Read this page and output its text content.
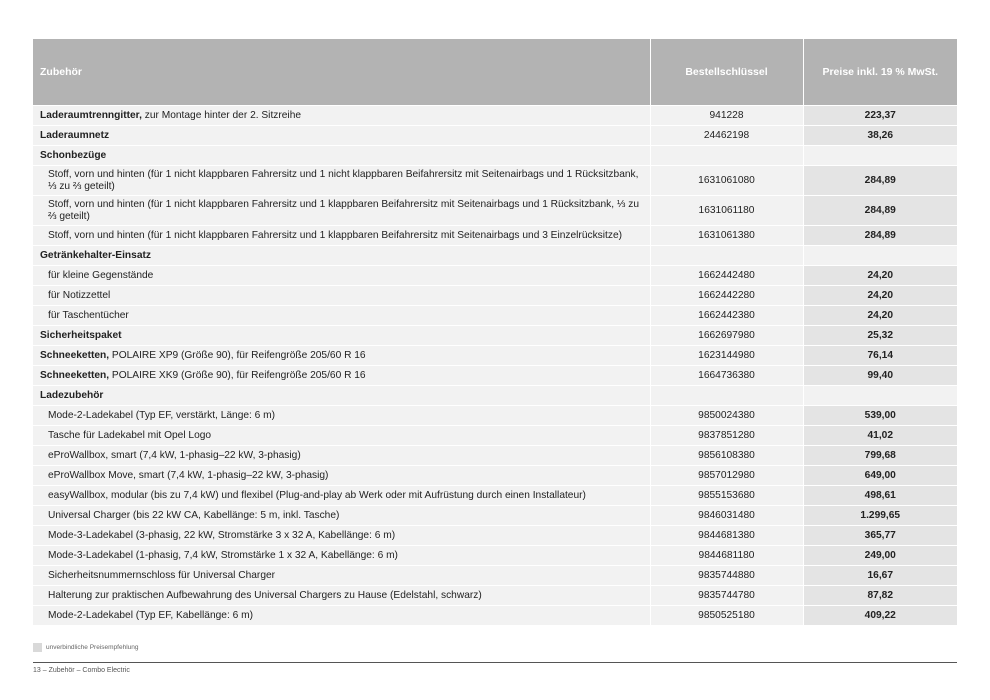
Zubehör	Bestellschlüssel	Preise inkl. 19 % MwSt.
Laderaumtrenngitter, zur Montage hinter der 2. Sitzreihe	941228	223,37
Laderaumnetz	24462198	38,26
Schonbezüge		
Stoff, vorn und hinten (für 1 nicht klappbaren Fahrersitz und 1 nicht klappbaren Beifahrersitz mit Seitenairbags und 1 Rücksitzbank, ⅓ zu ⅔ geteilt)	1631061080	284,89
Stoff, vorn und hinten (für 1 nicht klappbaren Fahrersitz und 1 klappbaren Beifahrersitz mit Seitenairbags und 1 Rücksitzbank, ⅓ zu ⅔ geteilt)	1631061180	284,89
Stoff, vorn und hinten (für 1 nicht klappbaren Fahrersitz und 1 klappbaren Beifahrersitz mit Seitenairbags und 3 Einzelrücksitze)	1631061380	284,89
Getränkehalter-Einsatz		
für kleine Gegenstände	1662442480	24,20
für Notizzettel	1662442280	24,20
für Taschentücher	1662442380	24,20
Sicherheitspaket	1662697980	25,32
Schneeketten, POLAIRE XP9 (Größe 90), für Reifengröße 205/60 R 16	1623144980	76,14
Schneeketten, POLAIRE XK9 (Größe 90), für Reifengröße 205/60 R 16	1664736380	99,40
Ladezubehör		
Mode-2-Ladekabel (Typ EF, verstärkt, Länge: 6 m)	9850024380	539,00
Tasche für Ladekabel mit Opel Logo	9837851280	41,02
eProWallbox, smart (7,4 kW, 1-phasig–22 kW, 3-phasig)	9856108380	799,68
eProWallbox Move, smart (7,4 kW, 1-phasig–22 kW, 3-phasig)	9857012980	649,00
easyWallbox, modular (bis zu 7,4 kW) und flexibel (Plug-and-play ab Werk oder mit Aufrüstung durch einen Installateur)	9855153680	498,61
Universal Charger (bis 22 kW CA, Kabellänge: 5 m, inkl. Tasche)	9846031480	1.299,65
Mode-3-Ladekabel (3-phasig, 22 kW, Stromstärke 3 x 32 A, Kabellänge: 6 m)	9844681380	365,77
Mode-3-Ladekabel (1-phasig, 7,4 kW, Stromstärke 1 x 32 A, Kabellänge: 6 m)	9844681180	249,00
Sicherheitsnummernschloss für Universal Charger	9835744880	16,67
Halterung zur praktischen Aufbewahrung des Universal Chargers zu Hause (Edelstahl, schwarz)	9835744780	87,82
Mode-2-Ladekabel (Typ EF, Kabellänge: 6 m)	9850525180	409,22
unverbindliche Preisempfehlung
13 – Zubehör – Combo Electric
